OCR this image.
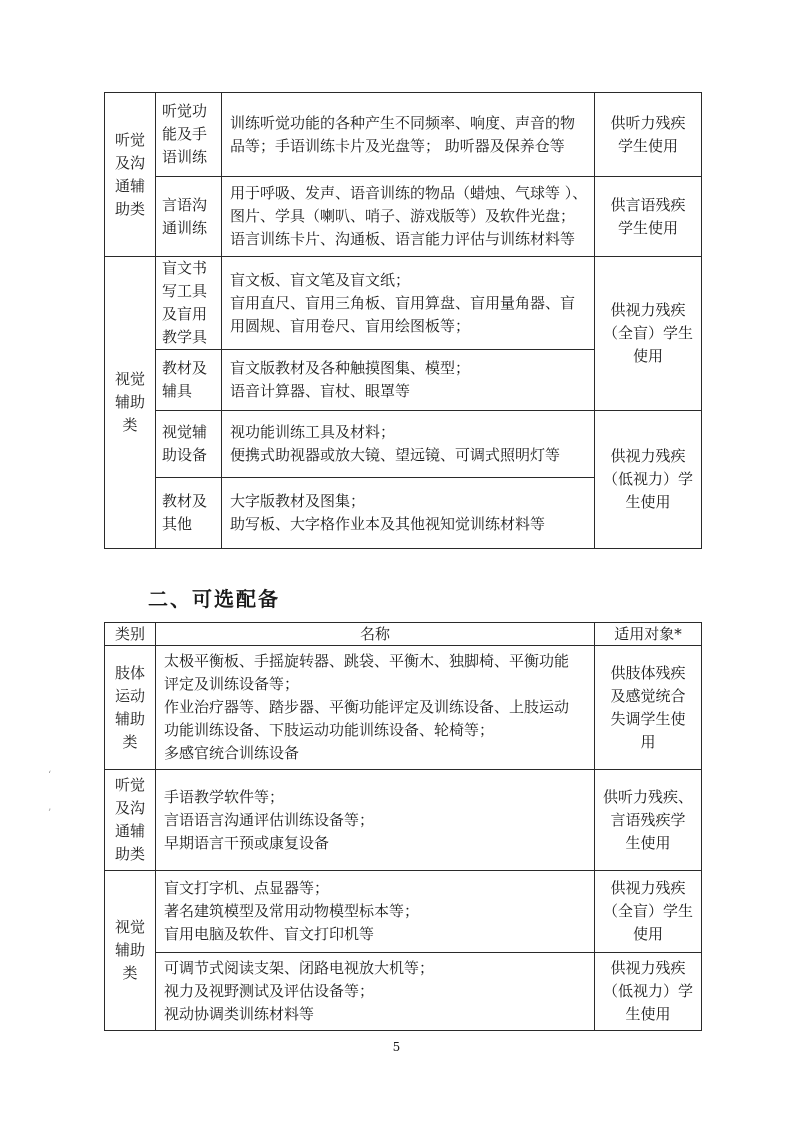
听觉
及沟
通辅
助类	听觉功
能及手
语训练	训练听觉功能的各种产生不同频率、响度、声音的物
品等；手语训练卡片及光盘等； 助听器及保养仓等	供听力残疾
学生使用

	言语沟
通训练	用于呼吸、发声、语音训练的物品（蜡烛、气球等 ）、
图片、学具（喇叭、哨子、游戏版等）及软件光盘；
语言训练卡片、沟通板、语言能力评估与训练材料等	供言语残疾
学生使用

视觉
辅助
类	盲文书
写工具
及盲用
教学具	盲文板、盲文笔及盲文纸；
盲用直尺、盲用三角板、盲用算盘、盲用量角器、盲
用圆规、盲用卷尺、盲用绘图板等；	供视力残疾
（全盲）学生
使用

	教材及
辅具	盲文版教材及各种触摸图集、模型；
语音计算器、盲杖、眼罩等	

	视觉辅
助设备	视功能训练工具及材料；
便携式助视器或放大镜、望远镜、可调式照明灯等	供视力残疾
（低视力）学
生使用

	教材及
其他	大字版教材及图集；
助写板、大字格作业本及其他视知觉训练材料等	
二、可选配备
类别	名称	适用对象*

肢体
运动
辅助
类	太极平衡板、手摇旋转器、跳袋、平衡木、独脚椅、平衡功能
评定及训练设备等；
作业治疗器等、踏步器、平衡功能评定及训练设备、上肢运动
功能训练设备、下肢运动功能训练设备、轮椅等；
多感官统合训练设备	供肢体残疾
及感觉统合
失调学生使
用

听觉
及沟
通辅
助类	手语教学软件等；
言语语言沟通评估训练设备等；
早期语言干预或康复设备	供听力残疾、
言语残疾学
生使用

视觉
辅助
类	盲文打字机、点显器等；
著名建筑模型及常用动物模型标本等；
盲用电脑及软件、盲文打印机等	供视力残疾
（全盲）学生
使用

	可调节式阅读支架、闭路电视放大机等；
视力及视野测试及评估设备等；
视动协调类训练材料等	供视力残疾
（低视力）学
生使用
‘
’
5
